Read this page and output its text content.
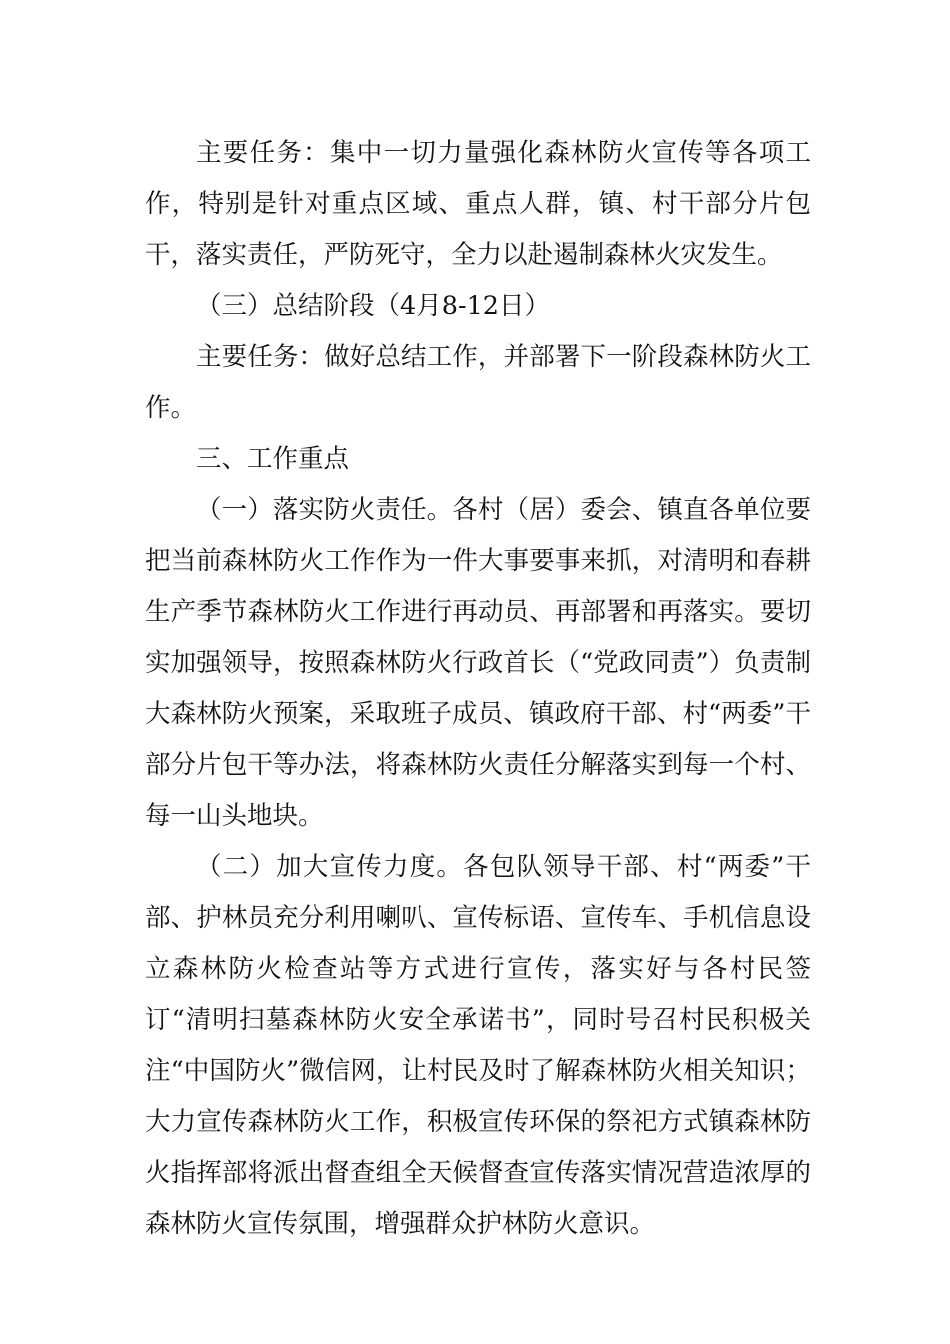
主要任务：集中一切力量强化森林防火宣传等各项工作，特别是针对重点区域、重点人群，镇、村干部分片包干，落实责任，严防死守，全力以赴遏制森林火灾发生。

（三）总结阶段（4月8-12日）

主要任务：做好总结工作，并部署下一阶段森林防火工作。

三、工作重点

（一）落实防火责任。各村（居）委会、镇直各单位要把当前森林防火工作作为一件大事要事来抓，对清明和春耕生产季节森林防火工作进行再动员、再部署和再落实。要切实加强领导，按照森林防火行政首长（“党政同责”）负责制大森林防火预案，采取班子成员、镇政府干部、村“两委”干部分片包干等办法，将森林防火责任分解落实到每一个村、每一山头地块。

（二）加大宣传力度。各包队领导干部、村“两委”干部、护林员充分利用喇叭、宣传标语、宣传车、手机信息设立森林防火检查站等方式进行宣传，落实好与各村民签订“清明扫墓森林防火安全承诺书”，同时号召村民积极关注“中国防火”微信网，让村民及时了解森林防火相关知识；大力宣传森林防火工作，积极宣传环保的祭祀方式镇森林防火指挥部将派出督查组全天候督查宣传落实情况营造浓厚的森林防火宣传氛围，增强群众护林防火意识。
